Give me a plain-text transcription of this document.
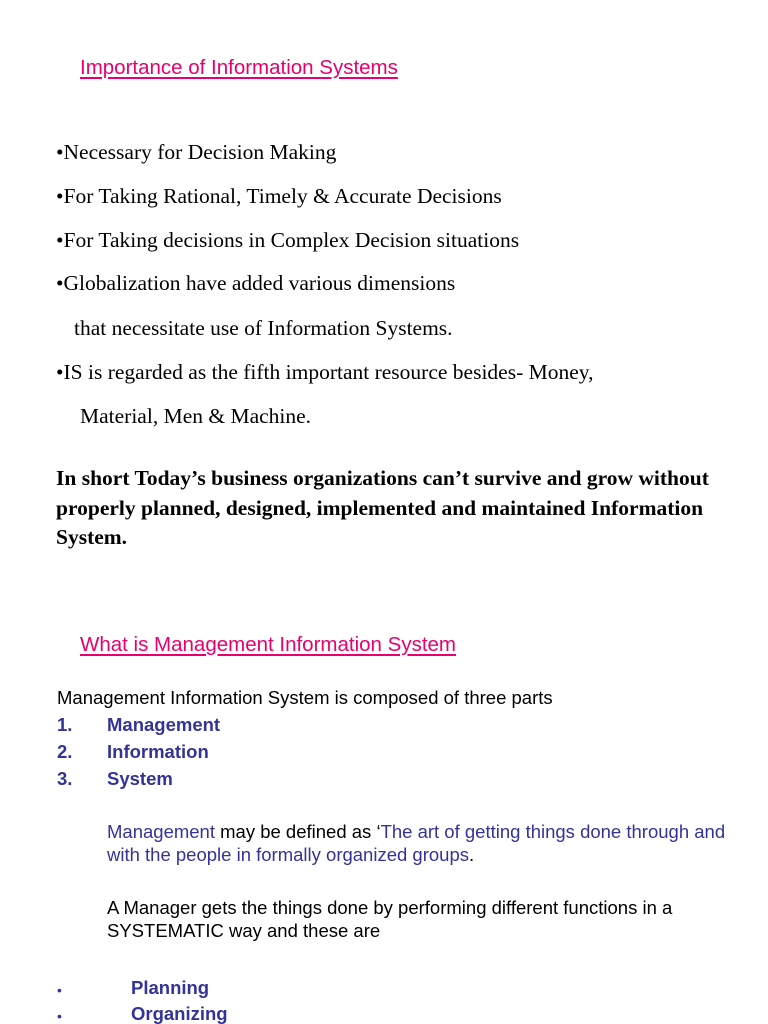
Importance of Information Systems
•Necessary for Decision Making
•For Taking Rational, Timely & Accurate Decisions
•For Taking decisions in Complex Decision situations
•Globalization have added various dimensions
that necessitate use of Information Systems.
•IS is regarded as the fifth important resource besides- Money,
Material, Men & Machine.
In short Today’s business organizations can’t survive and grow without properly planned, designed, implemented and maintained Information System.
What is Management Information System
Management Information System is composed of three parts
1. Management
2. Information
3. System
Management may be defined as ‘The art of getting things done through and with the people in formally organized groups.
A Manager gets the things done by performing different functions in a SYSTEMATIC way and these are
•	Planning
•	Organizing
